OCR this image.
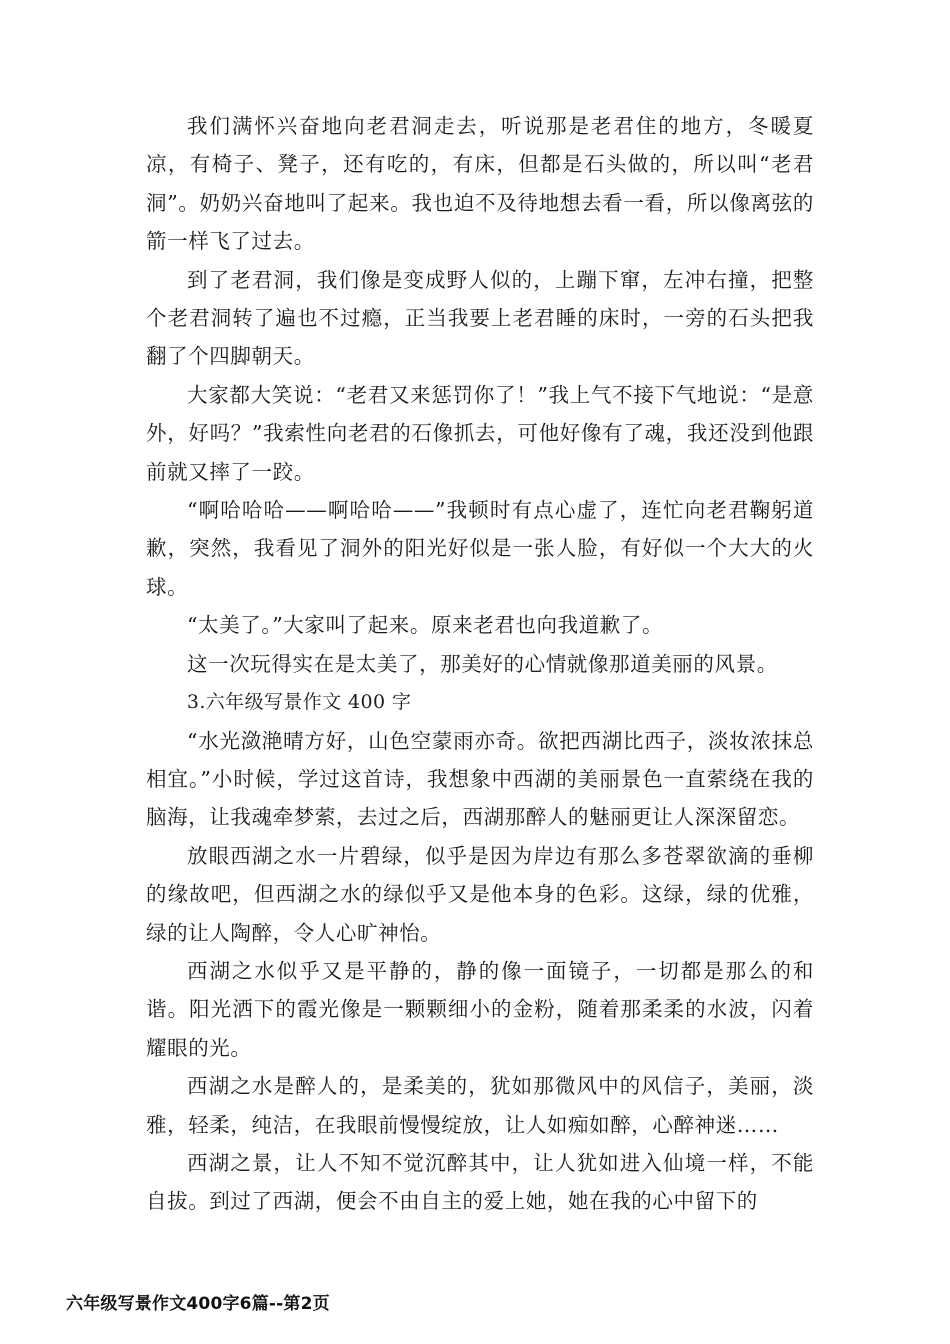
我们满怀兴奋地向老君洞走去，听说那是老君住的地方，冬暖夏凉，有椅子、凳子，还有吃的，有床，但都是石头做的，所以叫“老君洞”。奶奶兴奋地叫了起来。我也迫不及待地想去看一看，所以像离弦的箭一样飞了过去。

到了老君洞，我们像是变成野人似的，上蹦下窜，左冲右撞，把整个老君洞转了遍也不过瘾，正当我要上老君睡的床时，一旁的石头把我翻了个四脚朝天。

大家都大笑说：“老君又来惩罚你了！”我上气不接下气地说：“是意外，好吗？”我索性向老君的石像抓去，可他好像有了魂，我还没到他跟前就又摔了一跤。

“啊哈哈哈——啊哈哈——”我顿时有点心虚了，连忙向老君鞠躬道歉，突然，我看见了洞外的阳光好似是一张人脸，有好似一个大大的火球。

“太美了。”大家叫了起来。原来老君也向我道歉了。

这一次玩得实在是太美了，那美好的心情就像那道美丽的风景。

3.六年级写景作文 400 字

“水光潋滟晴方好，山色空蒙雨亦奇。欲把西湖比西子，淡妆浓抹总相宜。”小时候，学过这首诗，我想象中西湖的美丽景色一直萦绕在我的脑海，让我魂牵梦萦，去过之后，西湖那醉人的魅丽更让人深深留恋。

放眼西湖之水一片碧绿，似乎是因为岸边有那么多苍翠欲滴的垂柳的缘故吧，但西湖之水的绿似乎又是他本身的色彩。这绿，绿的优雅，绿的让人陶醉，令人心旷神怡。

西湖之水似乎又是平静的，静的像一面镜子，一切都是那么的和谐。阳光洒下的霞光像是一颗颗细小的金粉，随着那柔柔的水波，闪着耀眼的光。

西湖之水是醉人的，是柔美的，犹如那微风中的风信子，美丽，淡雅，轻柔，纯洁，在我眼前慢慢绽放，让人如痴如醉，心醉神迷……

西湖之景，让人不知不觉沉醉其中，让人犹如进入仙境一样，不能自拔。到过了西湖，便会不由自主的爱上她，她在我的心中留下的

六年级写景作文400字6篇--第2页
